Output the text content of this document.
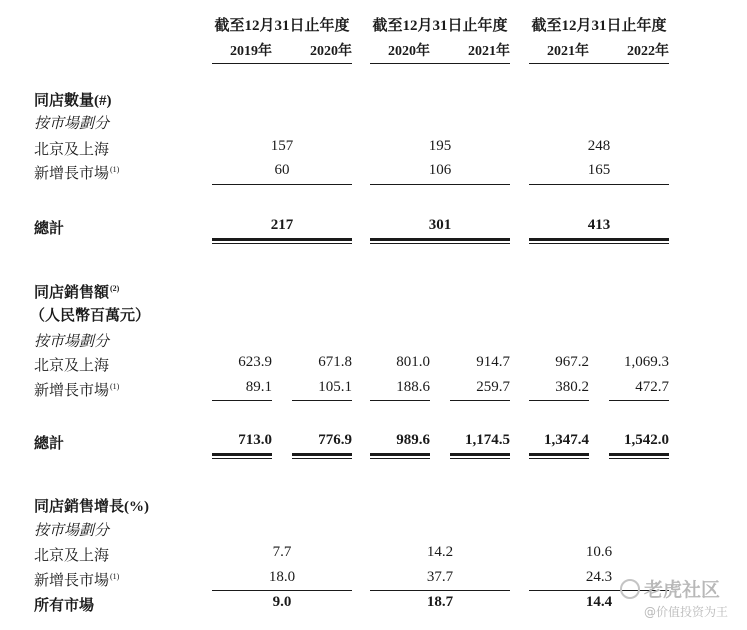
截至12月31日止年度 截至12月31日止年度 截至12月31日止年度
2019年	2020年	2020年	2021年	2021年	2022年
同店數量(#)
按市場劃分
北京及上海	157	195	248
新增長市場$^{(1)}$	60	106	165
總計	217	301	413
同店銷售額$^{(2)}$
（人民幣百萬元）
按市場劃分
北京及上海	623.9	671.8	801.0	914.7	967.2	1,069.3
新增長市場$^{(1)}$	89.1	105.1	188.6	259.7	380.2	472.7
總計	713.0	776.9	989.6	1,174.5	1,347.4	1,542.0
同店銷售增長(%)
按市場劃分
北京及上海	7.7	14.2	10.6
新增長市場$^{(1)}$	18.0	37.7	24.3
所有市場	9.0	18.7	14.4
老虎社区
@价值投资为王
